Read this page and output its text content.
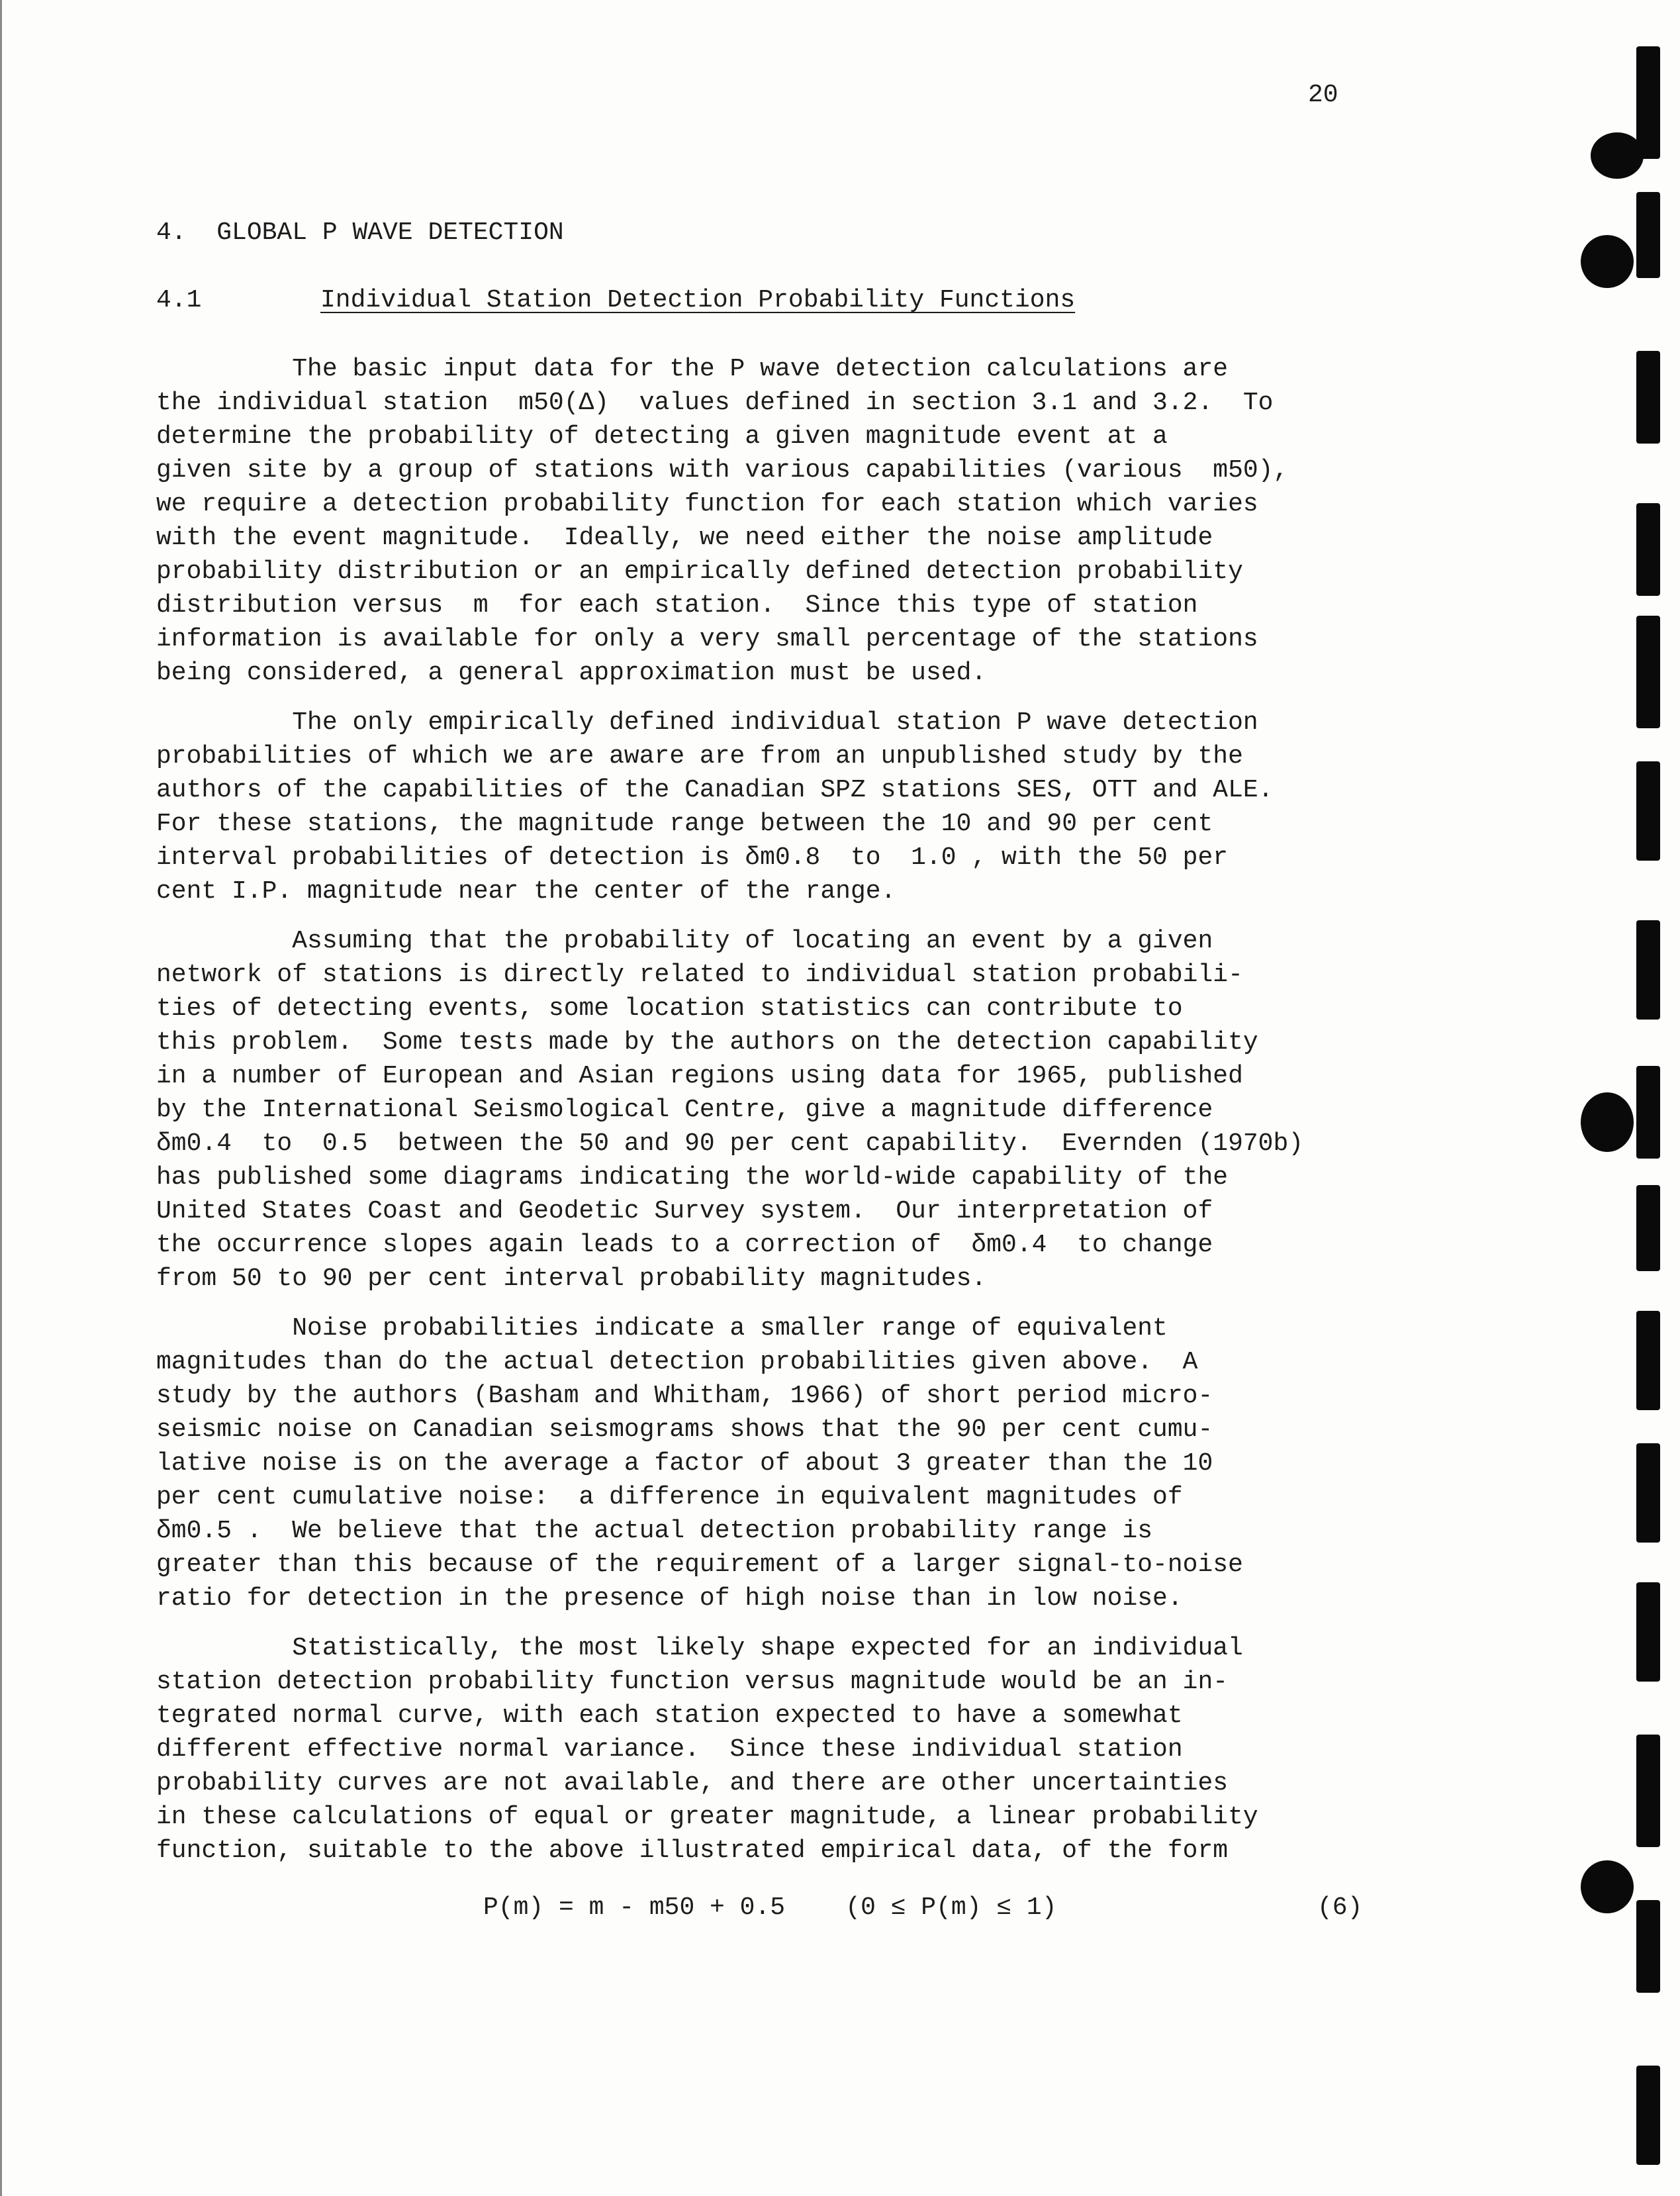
20
4.  GLOBAL P WAVE DETECTION
4.1	Individual Station Detection Probability Functions

The basic input data for the P wave detection calculations are
the individual station  m50(Δ)  values defined in section 3.1 and 3.2.  To
determine the probability of detecting a given magnitude event at a
given site by a group of stations with various capabilities (various  m50),
we require a detection probability function for each station which varies
with the event magnitude.  Ideally, we need either the noise amplitude
probability distribution or an empirically defined detection probability
distribution versus  m  for each station.  Since this type of station
information is available for only a very small percentage of the stations
being considered, a general approximation must be used.

The only empirically defined individual station P wave detection
probabilities of which we are aware are from an unpublished study by the
authors of the capabilities of the Canadian SPZ stations SES, OTT and ALE.
For these stations, the magnitude range between the 10 and 90 per cent
interval probabilities of detection is δm0.8  to  1.0 , with the 50 per
cent I.P. magnitude near the center of the range.

Assuming that the probability of locating an event by a given
network of stations is directly related to individual station probabili-
ties of detecting events, some location statistics can contribute to
this problem.  Some tests made by the authors on the detection capability
in a number of European and Asian regions using data for 1965, published
by the International Seismological Centre, give a magnitude difference
δm0.4  to  0.5  between the 50 and 90 per cent capability.  Evernden (1970b)
has published some diagrams indicating the world-wide capability of the
United States Coast and Geodetic Survey system.  Our interpretation of
the occurrence slopes again leads to a correction of  δm0.4  to change
from 50 to 90 per cent interval probability magnitudes.

Noise probabilities indicate a smaller range of equivalent
magnitudes than do the actual detection probabilities given above.  A
study by the authors (Basham and Whitham, 1966) of short period micro-
seismic noise on Canadian seismograms shows that the 90 per cent cumu-
lative noise is on the average a factor of about 3 greater than the 10
per cent cumulative noise:  a difference in equivalent magnitudes of
δm0.5 .  We believe that the actual detection probability range is
greater than this because of the requirement of a larger signal-to-noise
ratio for detection in the presence of high noise than in low noise.

Statistically, the most likely shape expected for an individual
station detection probability function versus magnitude would be an in-
tegrated normal curve, with each station expected to have a somewhat
different effective normal variance.  Since these individual station
probability curves are not available, and there are other uncertainties
in these calculations of equal or greater magnitude, a linear probability
function, suitable to the above illustrated empirical data, of the form

P(m) = m - m50 + 0.5    (0 ≤ P(m) ≤ 1)	(6)
